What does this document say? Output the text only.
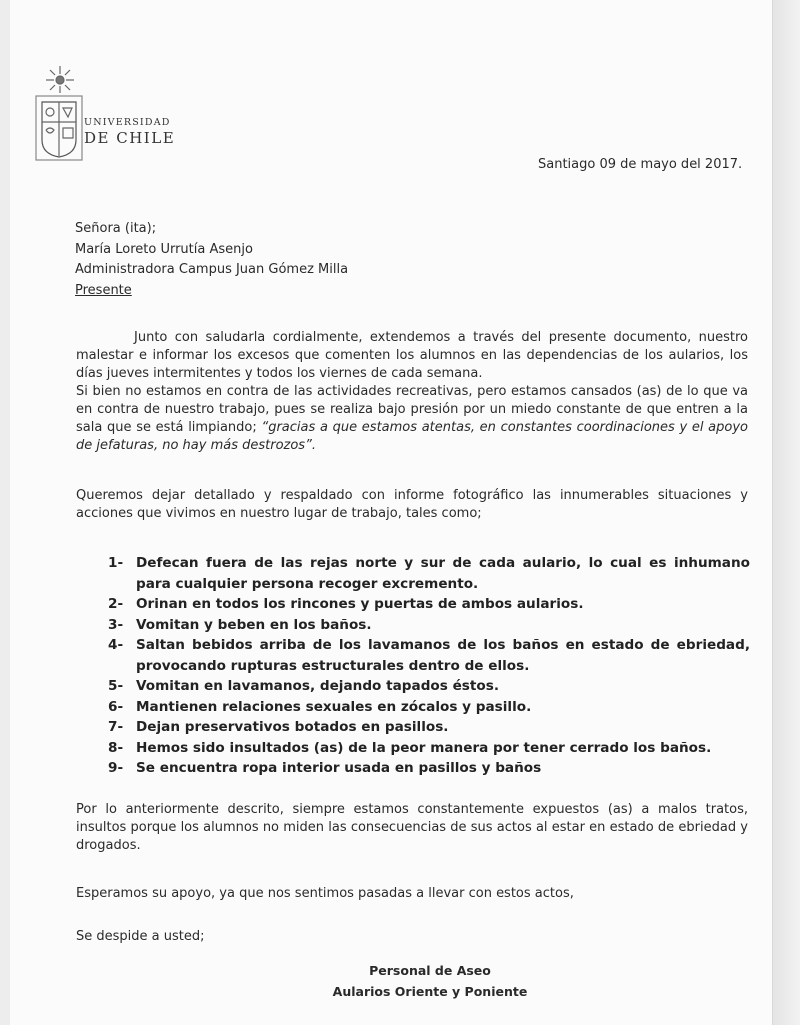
UNIVERSIDAD
DE CHILE
Santiago 09 de mayo del 2017.
Señora (ita);
María Loreto Urrutía Asenjo
Administradora Campus Juan Gómez Milla
Presente
Junto con saludarla cordialmente, extendemos a través del presente documento, nuestro malestar e informar los excesos que comenten los alumnos en las dependencias de los aularios, los días jueves intermitentes y todos los viernes de cada semana.
Si bien no estamos en contra de las actividades recreativas, pero estamos cansados (as) de lo que va en contra de nuestro trabajo, pues se realiza bajo presión por un miedo constante de que entren a la sala que se está limpiando; “gracias a que estamos atentas, en constantes coordinaciones y el apoyo de jefaturas, no hay más destrozos”.
Queremos dejar detallado y respaldado con informe fotográfico las innumerables situaciones y acciones que vivimos en nuestro lugar de trabajo, tales como;
1- Defecan fuera de las rejas norte y sur de cada aulario, lo cual es inhumano para cualquier persona recoger excremento.
2- Orinan en todos los rincones y puertas de ambos aularios.
3- Vomitan y beben en los baños.
4- Saltan bebidos arriba de los lavamanos de los baños en estado de ebriedad, provocando rupturas estructurales dentro de ellos.
5- Vomitan en lavamanos, dejando tapados éstos.
6- Mantienen relaciones sexuales en zócalos y pasillo.
7- Dejan preservativos botados en pasillos.
8- Hemos sido insultados (as) de la peor manera por tener cerrado los baños.
9- Se encuentra ropa interior usada en pasillos y baños
Por lo anteriormente descrito, siempre estamos constantemente expuestos (as) a malos tratos, insultos porque los alumnos no miden las consecuencias de sus actos al estar en estado de ebriedad y drogados.
Esperamos su apoyo, ya que nos sentimos pasadas a llevar con estos actos,
Se despide a usted;
Personal de Aseo
Aularios Oriente y Poniente
